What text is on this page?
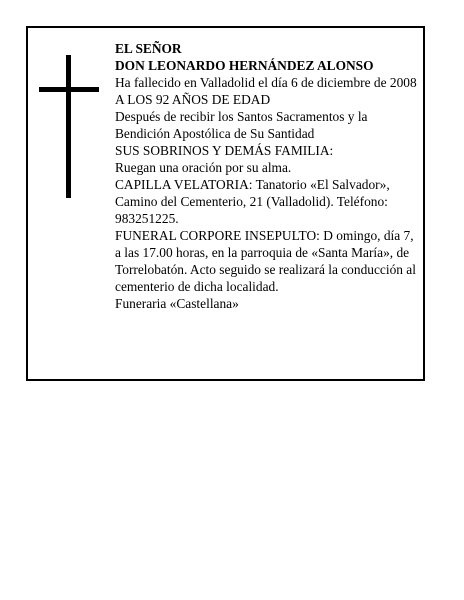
EL SEÑOR

DON LEONARDO HERNÁNDEZ ALONSO

Ha fallecido en Valladolid el día 6 de diciembre de 2008

A LOS 92 AÑOS DE EDAD

Después de recibir los Santos Sacramentos y la Bendición Apostólica de Su Santidad

SUS SOBRINOS Y DEMÁS FAMILIA:

Ruegan una oración por su alma.

CAPILLA VELATORIA: Tanatorio «El Salvador», Camino del Cementerio, 21 (Valladolid). Teléfono: 983251225.

FUNERAL CORPORE INSEPULTO: D omingo, día 7, a las 17.00 horas, en la parroquia de «Santa María», de Torrelobatón. Acto seguido se realizará la conducción al cementerio de dicha localidad.

Funeraria «Castellana»
